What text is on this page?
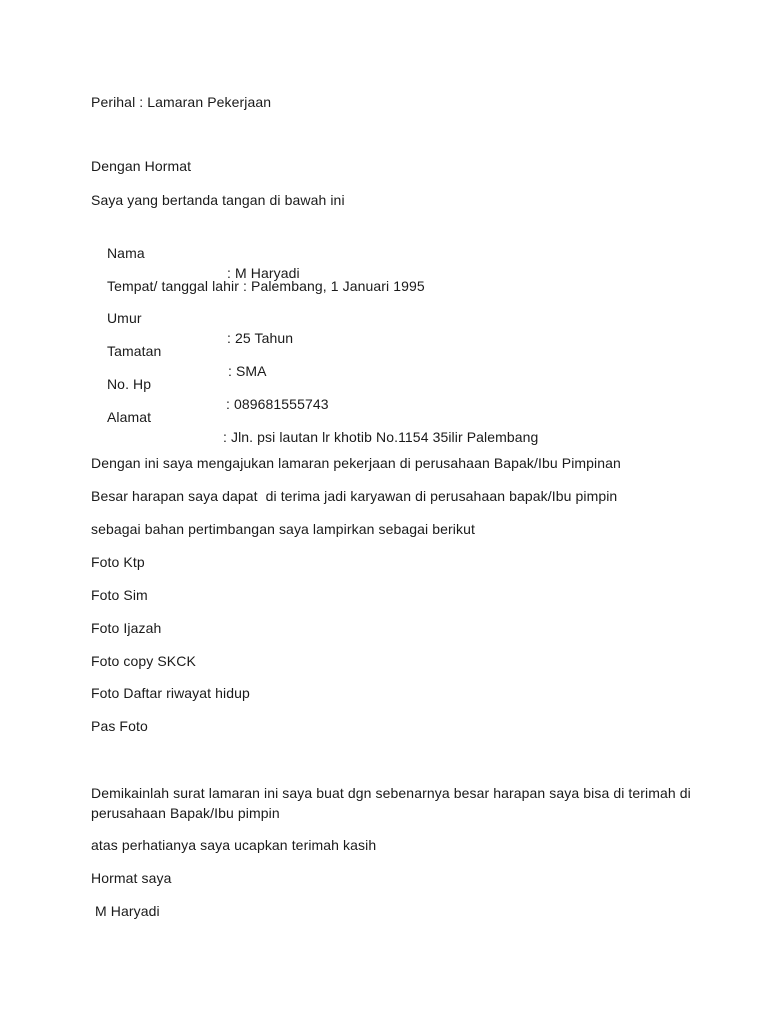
Perihal : Lamaran Pekerjaan
Dengan Hormat
Saya yang bertanda tangan di bawah ini

Nama

: M Haryadi

Tempat/ tanggal lahir : Palembang, 1 Januari 1995

Umur

: 25 Tahun

Tamatan

: SMA

No. Hp

: 089681555743

Alamat

: Jln. psi lautan lr khotib No.1154 35ilir Palembang

Dengan ini saya mengajukan lamaran pekerjaan di perusahaan Bapak/Ibu Pimpinan
Besar harapan saya dapat  di terima jadi karyawan di perusahaan bapak/Ibu pimpin
sebagai bahan pertimbangan saya lampirkan sebagai berikut
Foto Ktp
Foto Sim
Foto Ijazah
Foto copy SKCK
Foto Daftar riwayat hidup
Pas Foto
Demikainlah surat lamaran ini saya buat dgn sebenarnya besar harapan saya bisa di terimah di
perusahaan Bapak/Ibu pimpin
atas perhatianya saya ucapkan terimah kasih
Hormat saya
M Haryadi
